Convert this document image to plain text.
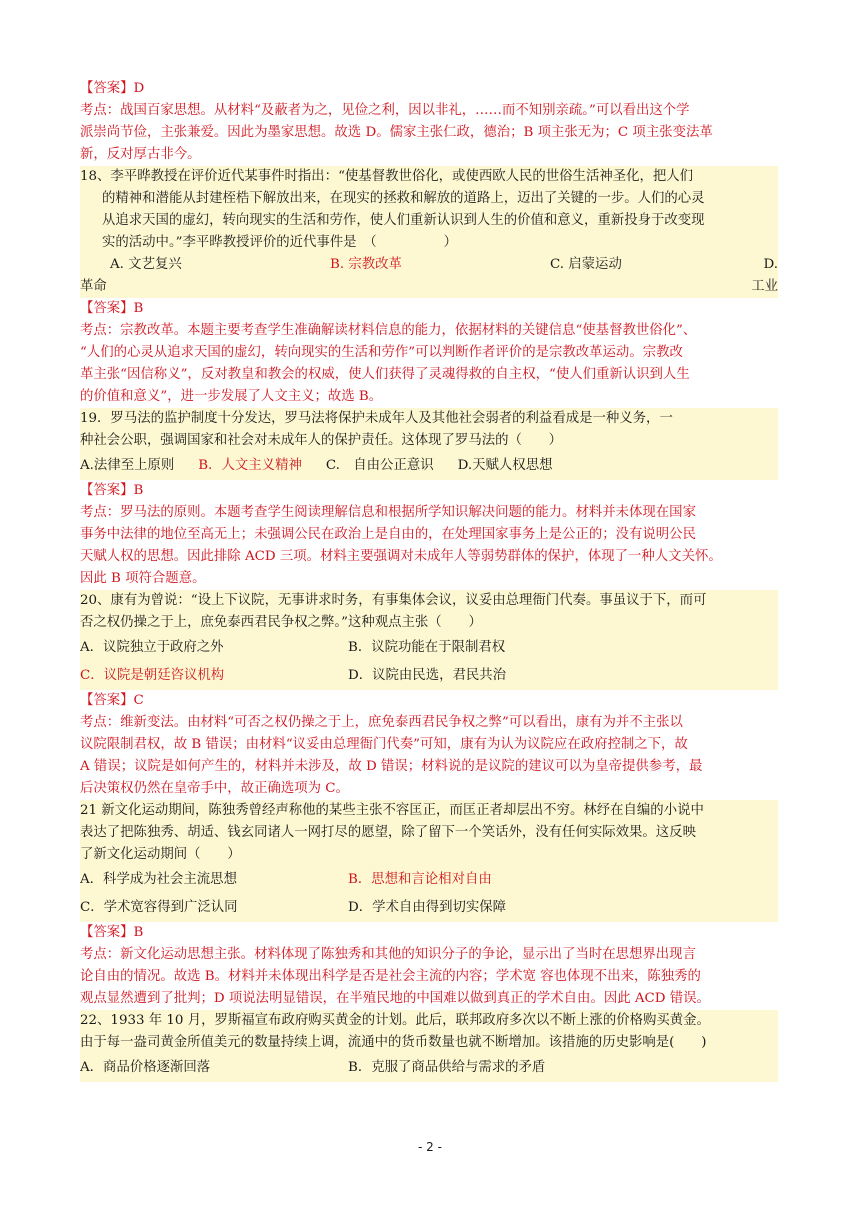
【答案】D
考点：战国百家思想。从材料“及蔽者为之，见俭之利，因以非礼，……而不知别亲疏。”可以看出这个学
派崇尚节俭，主张兼爱。因此为墨家思想。故选 D。儒家主张仁政，德治；B 项主张无为；C 项主张变法革
新，反对厚古非今。
18、李平晔教授在评价近代某事件时指出：“使基督教世俗化，或使西欧人民的世俗生活神圣化，把人们
的精神和潜能从封建桎梏下解放出来，在现实的拯救和解放的道路上，迈出了关键的一步。人们的心灵
从追求天国的虚幻，转向现实的生活和劳作，使人们重新认识到人生的价值和意义，重新投身于改变现
实的活动中。”李平晔教授评价的近代事件是　（　　　　　）
A. 文艺复兴	B. 宗教改革	C. 启蒙运动	D. 工业
革命
【答案】B
考点：宗教改革。本题主要考查学生准确解读材料信息的能力，依据材料的关键信息“使基督教世俗化”、
“人们的心灵从追求天国的虚幻，转向现实的生活和劳作”可以判断作者评价的是宗教改革运动。宗教改
革主张“因信称义”，反对教皇和教会的权威，使人们获得了灵魂得救的自主权，“使人们重新认识到人生
的价值和意义”，进一步发展了人文主义；故选 B。
19．罗马法的监护制度十分发达，罗马法将保护未成年人及其他社会弱者的利益看成是一种义务，一
种社会公职，强调国家和社会对未成年人的保护责任。这体现了罗马法的（　　）
A.法律至上原则 B．人文主义精神 C.　自由公正意识 D.天赋人权思想
【答案】B
考点：罗马法的原则。本题考查学生阅读理解信息和根据所学知识解决问题的能力。材料并未体现在国家
事务中法律的地位至高无上；未强调公民在政治上是自由的，在处理国家事务上是公正的；没有说明公民
天赋人权的思想。因此排除 ACD 三项。材料主要强调对未成年人等弱势群体的保护，体现了一种人文关怀。
因此 B 项符合题意。
20、康有为曾说：“设上下议院，无事讲求时务，有事集体会议，议妥由总理衙门代奏。事虽议于下，而可
否之权仍操之于上，庶免泰西君民争权之弊。”这种观点主张（　　）
A．议院独立于政府之外	B．议院功能在于限制君权
C．议院是朝廷咨议机构	D．议院由民选，君民共治
【答案】C
考点：维新变法。由材料“可否之权仍操之于上，庶免泰西君民争权之弊”可以看出，康有为并不主张以
议院限制君权，故 B 错误；由材料“议妥由总理衙门代奏”可知，康有为认为议院应在政府控制之下，故
A 错误；议院是如何产生的，材料并未涉及，故 D 错误；材料说的是议院的建议可以为皇帝提供参考，最
后决策权仍然在皇帝手中，故正确选项为 C。
21 新文化运动期间，陈独秀曾经声称他的某些主张不容匡正，而匡正者却层出不穷。林纾在自编的小说中
表达了把陈独秀、胡适、钱玄同诸人一网打尽的愿望，除了留下一个笑话外，没有任何实际效果。这反映
了新文化运动期间（　　）
A．科学成为社会主流思想	B．思想和言论相对自由
C．学术宽容得到广泛认同	D．学术自由得到切实保障
【答案】B
考点：新文化运动思想主张。材料体现了陈独秀和其他的知识分子的争论，显示出了当时在思想界出现言
论自由的情况。故选 B。材料并未体现出科学是否是社会主流的内容；学术宽 容也体现不出来，陈独秀的
观点显然遭到了批判；D 项说法明显错误，在半殖民地的中国难以做到真正的学术自由。因此 ACD 错误。
22、1933 年 10 月，罗斯福宣布政府购买黄金的计划。此后，联邦政府多次以不断上涨的价格购买黄金。
由于每一盎司黄金所值美元的数量持续上调，流通中的货币数量也就不断增加。该措施的历史影响是(　　)
A．商品价格逐渐回落	B．克服了商品供给与需求的矛盾
- 2 -
